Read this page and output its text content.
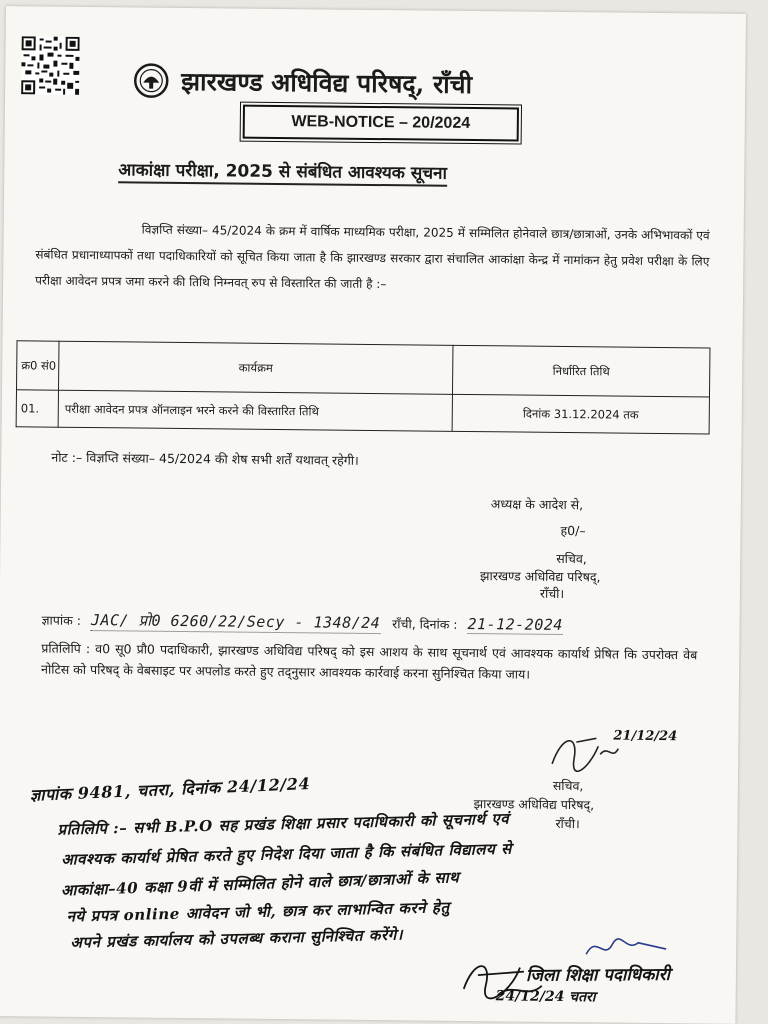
झारखण्ड अधिविद्य परिषद्, राँची
WEB-NOTICE – 20/2024
आकांक्षा परीक्षा, 2025 से संबंधित आवश्यक सूचना
विज्ञप्ति संख्या– 45/2024 के क्रम में वार्षिक माध्यमिक परीक्षा, 2025 में सम्मिलित होनेवाले छात्र/छात्राओं, उनके अभिभावकों एवं संबंधित प्रधानाध्यापकों तथा पदाधिकारियों को सूचित किया जाता है कि झारखण्ड सरकार द्वारा संचालित आकांक्षा केन्द्र में नामांकन हेतु प्रवेश परीक्षा के लिए परीक्षा आवेदन प्रपत्र जमा करने की तिथि निम्नवत् रुप से विस्तारित की जाती है :–
क्र0 सं0	कार्यक्रम	निर्धारित तिथि
01.	परीक्षा आवेदन प्रपत्र ऑनलाइन भरने करने की विस्तारित तिथि	दिनांक 31.12.2024 तक
नोट :– विज्ञप्ति संख्या– 45/2024 की शेष सभी शर्तें यथावत् रहेगी।
अध्यक्ष के आदेश से,
ह0/–
सचिव,
झारखण्ड अधिविद्य परिषद्,
राँची।
ज्ञापांक : JAC/ प्रो0 6260/22/Secy - 1348/24 राँची, दिनांक : 21-12-2024
प्रतिलिपि : व0 सू0 प्रौ0 पदाधिकारी, झारखण्ड अधिविद्य परिषद् को इस आशय के साथ सूचनार्थ एवं आवश्यक कार्यार्थ प्रेषित कि उपरोक्त वेब नोटिस को परिषद् के वेबसाइट पर अपलोड करते हुए तद्नुसार आवश्यक कार्रवाई करना सुनिश्चित किया जाय।
21/12/24
सचिव,
झारखण्ड अधिविद्य परिषद्,
राँची।
ज्ञापांक 9481, चतरा, दिनांक 24/12/24
प्रतिलिपि :– सभी B.P.O सह प्रखंड शिक्षा प्रसार पदाधिकारी को सूचनार्थ एवं
आवश्यक कार्यार्थ प्रेषित करते हुए निदेश दिया जाता है कि संबंधित विद्यालय से
आकांक्षा–40 कक्षा 9वीं में सम्मिलित होने वाले छात्र/छात्राओं के साथ
नये प्रपत्र online आवेदन जो भी, छात्र कर लाभान्वित करने हेतु
अपने प्रखंड कार्यालय को उपलब्ध कराना सुनिश्चित करेंगे।
जिला शिक्षा पदाधिकारी
24/12/24 चतरा
